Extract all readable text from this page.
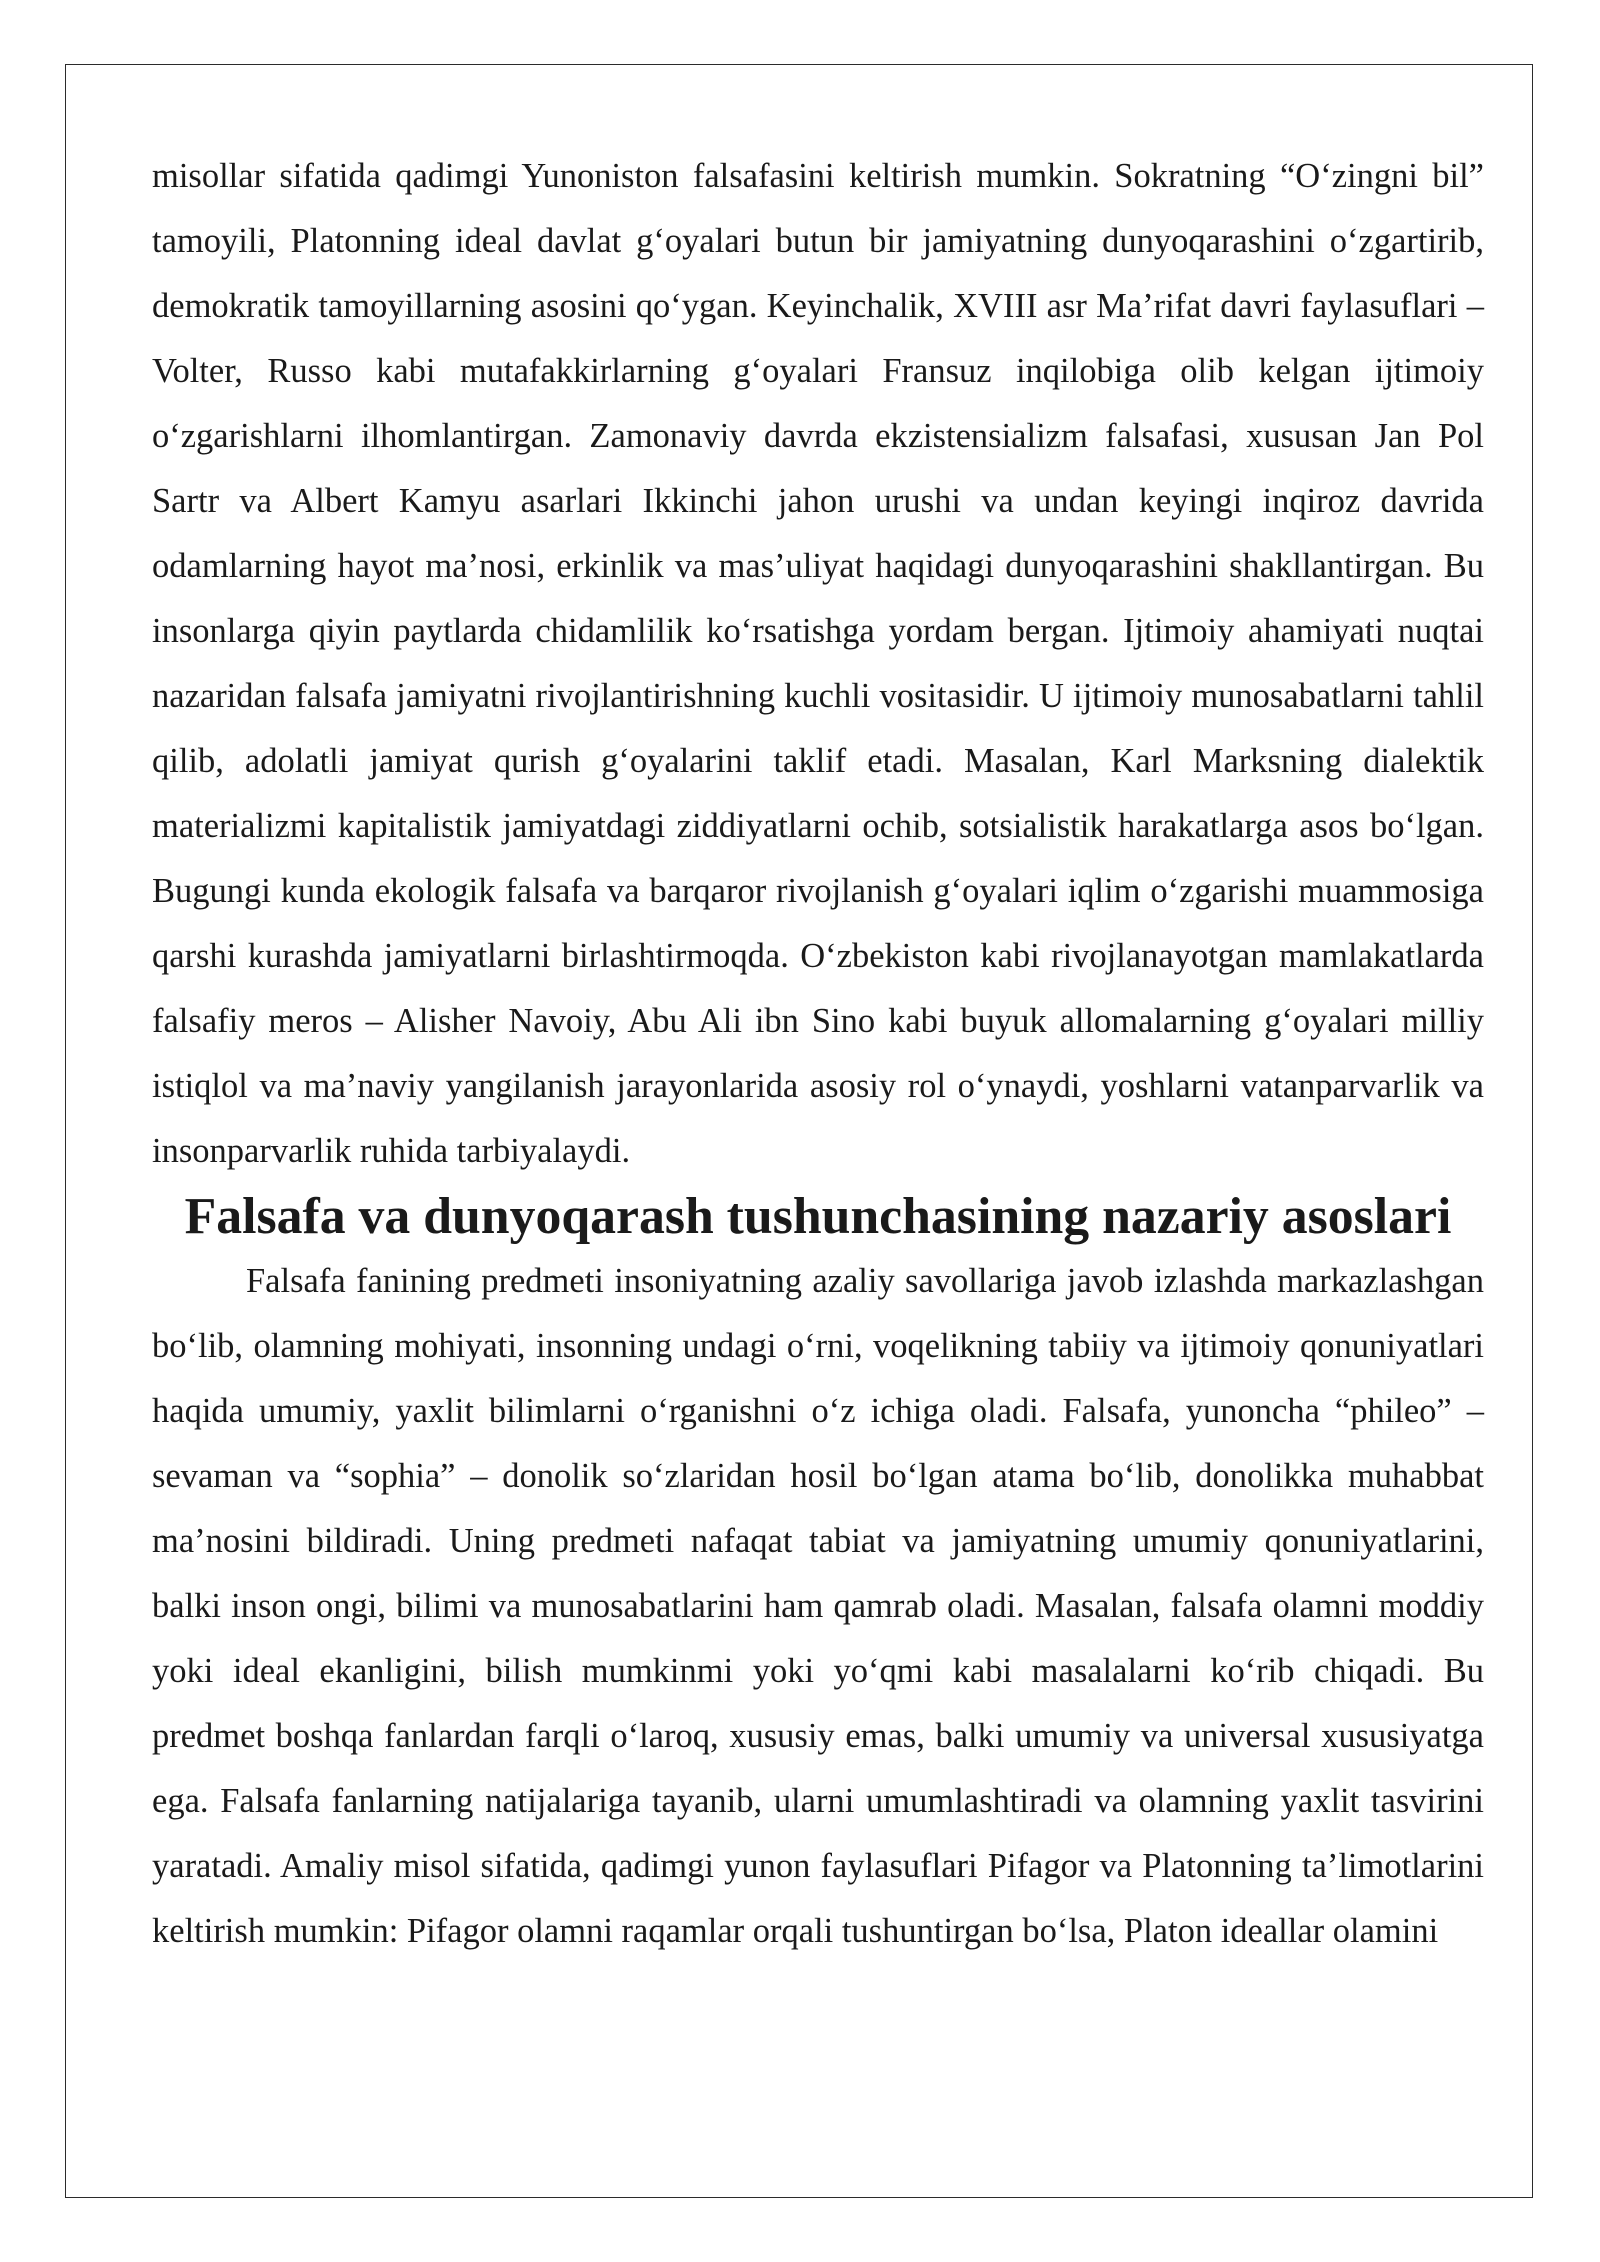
misollar sifatida qadimgi Yunoniston falsafasini keltirish mumkin. Sokratning “O‘zingni bil” tamoyili, Platonning ideal davlat g‘oyalari butun bir jamiyatning dunyoqarashini o‘zgartirib, demokratik tamoyillarning asosini qo‘ygan. Keyinchalik, XVIII asr Ma’rifat davri faylasuflari – Volter, Russo kabi mutafakkirlarning g‘oyalari Fransuz inqilobiga olib kelgan ijtimoiy o‘zgarishlarni ilhomlantirgan. Zamonaviy davrda ekzistensializm falsafasi, xususan Jan Pol Sartr va Albert Kamyu asarlari Ikkinchi jahon urushi va undan keyingi inqiroz davrida odamlarning hayot ma’nosi, erkinlik va mas’uliyat haqidagi dunyoqarashini shakllantirgan. Bu insonlarga qiyin paytlarda chidamlilik ko‘rsatishga yordam bergan. Ijtimoiy ahamiyati nuqtai nazaridan falsafa jamiyatni rivojlantirishning kuchli vositasidir. U ijtimoiy munosabatlarni tahlil qilib, adolatli jamiyat qurish g‘oyalarini taklif etadi. Masalan, Karl Marksning dialektik materializmi kapitalistik jamiyatdagi ziddiyatlarni ochib, sotsialistik harakatlarga asos bo‘lgan. Bugungi kunda ekologik falsafa va barqaror rivojlanish g‘oyalari iqlim o‘zgarishi muammosiga qarshi kurashda jamiyatlarni birlashtirmoqda. O‘zbekiston kabi rivojlanayotgan mamlakatlarda falsafiy meros – Alisher Navoiy, Abu Ali ibn Sino kabi buyuk allomalarning g‘oyalari milliy istiqlol va ma’naviy yangilanish jarayonlarida asosiy rol o‘ynaydi, yoshlarni vatanparvarlik va insonparvarlik ruhida tarbiyalaydi.

Falsafa va dunyoqarash tushunchasining nazariy asoslari

Falsafa fanining predmeti insoniyatning azaliy savollariga javob izlashda markazlashgan bo‘lib, olamning mohiyati, insonning undagi o‘rni, voqelikning tabiiy va ijtimoiy qonuniyatlari haqida umumiy, yaxlit bilimlarni o‘rganishni o‘z ichiga oladi. Falsafa, yunoncha “phileo” – sevaman va “sophia” – donolik so‘zlaridan hosil bo‘lgan atama bo‘lib, donolikka muhabbat ma’nosini bildiradi. Uning predmeti nafaqat tabiat va jamiyatning umumiy qonuniyatlarini, balki inson ongi, bilimi va munosabatlarini ham qamrab oladi. Masalan, falsafa olamni moddiy yoki ideal ekanligini, bilish mumkinmi yoki yo‘qmi kabi masalalarni ko‘rib chiqadi. Bu predmet boshqa fanlardan farqli o‘laroq, xususiy emas, balki umumiy va universal xususiyatga ega. Falsafa fanlarning natijalariga tayanib, ularni umumlashtiradi va olamning yaxlit tasvirini yaratadi. Amaliy misol sifatida, qadimgi yunon faylasuflari Pifagor va Platonning ta’limotlarini keltirish mumkin: Pifagor olamni raqamlar orqali tushuntirgan bo‘lsa, Platon ideallar olamini
